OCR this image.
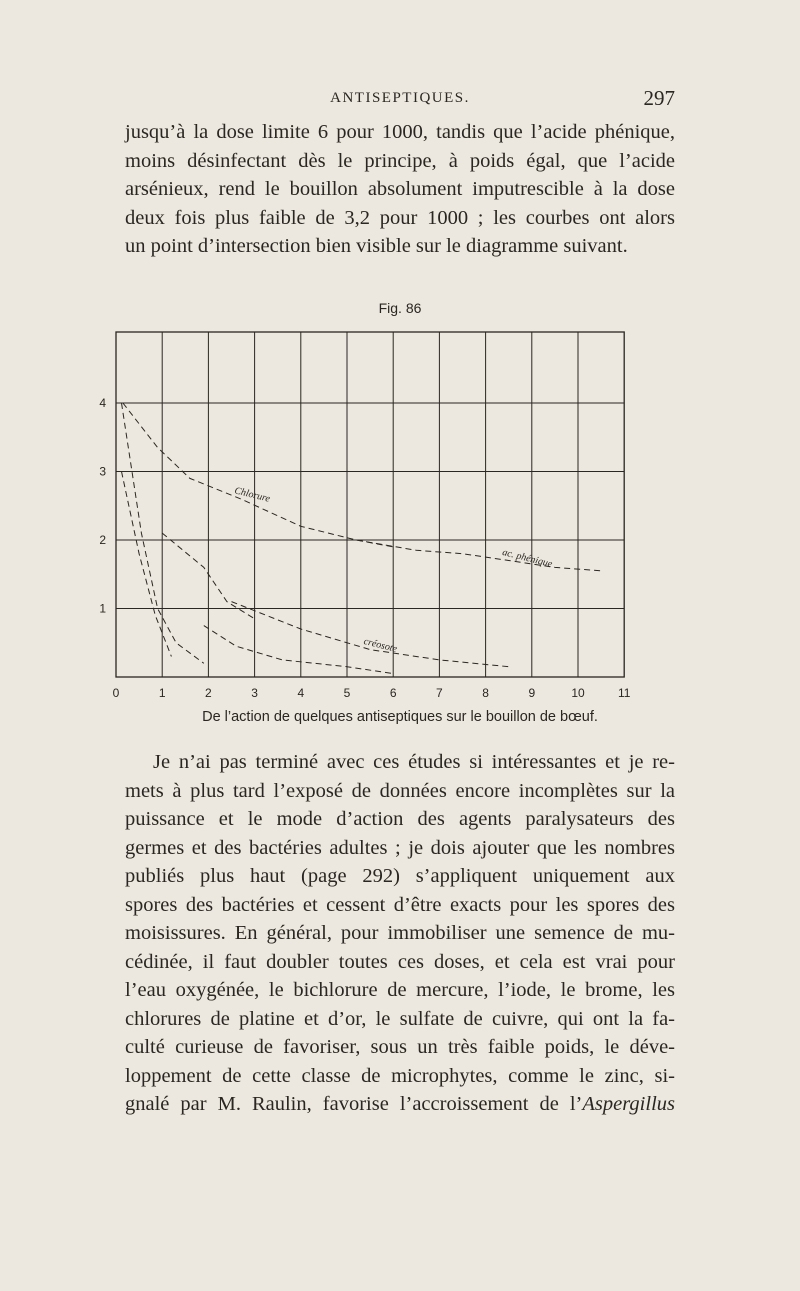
ANTISEPTIQUES.	297

jusqu’à la dose limite 6 pour 1000, tandis que l’acide phénique,
moins désinfectant dès le principe, à poids égal, que l’acide
arsénieux, rend le bouillon absolument imputrescible à la dose
deux fois plus faible de 3,2 pour 1000 ; les courbes ont alors
un point d’intersection bien visible sur le diagramme suivant.

Fig. 86
0	1	2	3	4	5	6	7	8	9	10	11
1
2
3
4
Chlorure
ac. phénique
créosote
De l’action de quelques antiseptiques sur le bouillon de bœuf.

Je n’ai pas terminé avec ces études si intéressantes et je re-
mets à plus tard l’exposé de données encore incomplètes sur la
puissance et le mode d’action des agents paralysateurs des
germes et des bactéries adultes ; je dois ajouter que les nombres
publiés plus haut (page 292) s’appliquent uniquement aux
spores des bactéries et cessent d’être exacts pour les spores des
moisissures. En général, pour immobiliser une semence de mu-
cédinée, il faut doubler toutes ces doses, et cela est vrai pour
l’eau oxygénée, le bichlorure de mercure, l’iode, le brome, les
chlorures de platine et d’or, le sulfate de cuivre, qui ont la fa-
culté curieuse de favoriser, sous un très faible poids, le déve-
loppement de cette classe de microphytes, comme le zinc, si-
gnalé par M. Raulin, favorise l’accroissement de l’Aspergillus
